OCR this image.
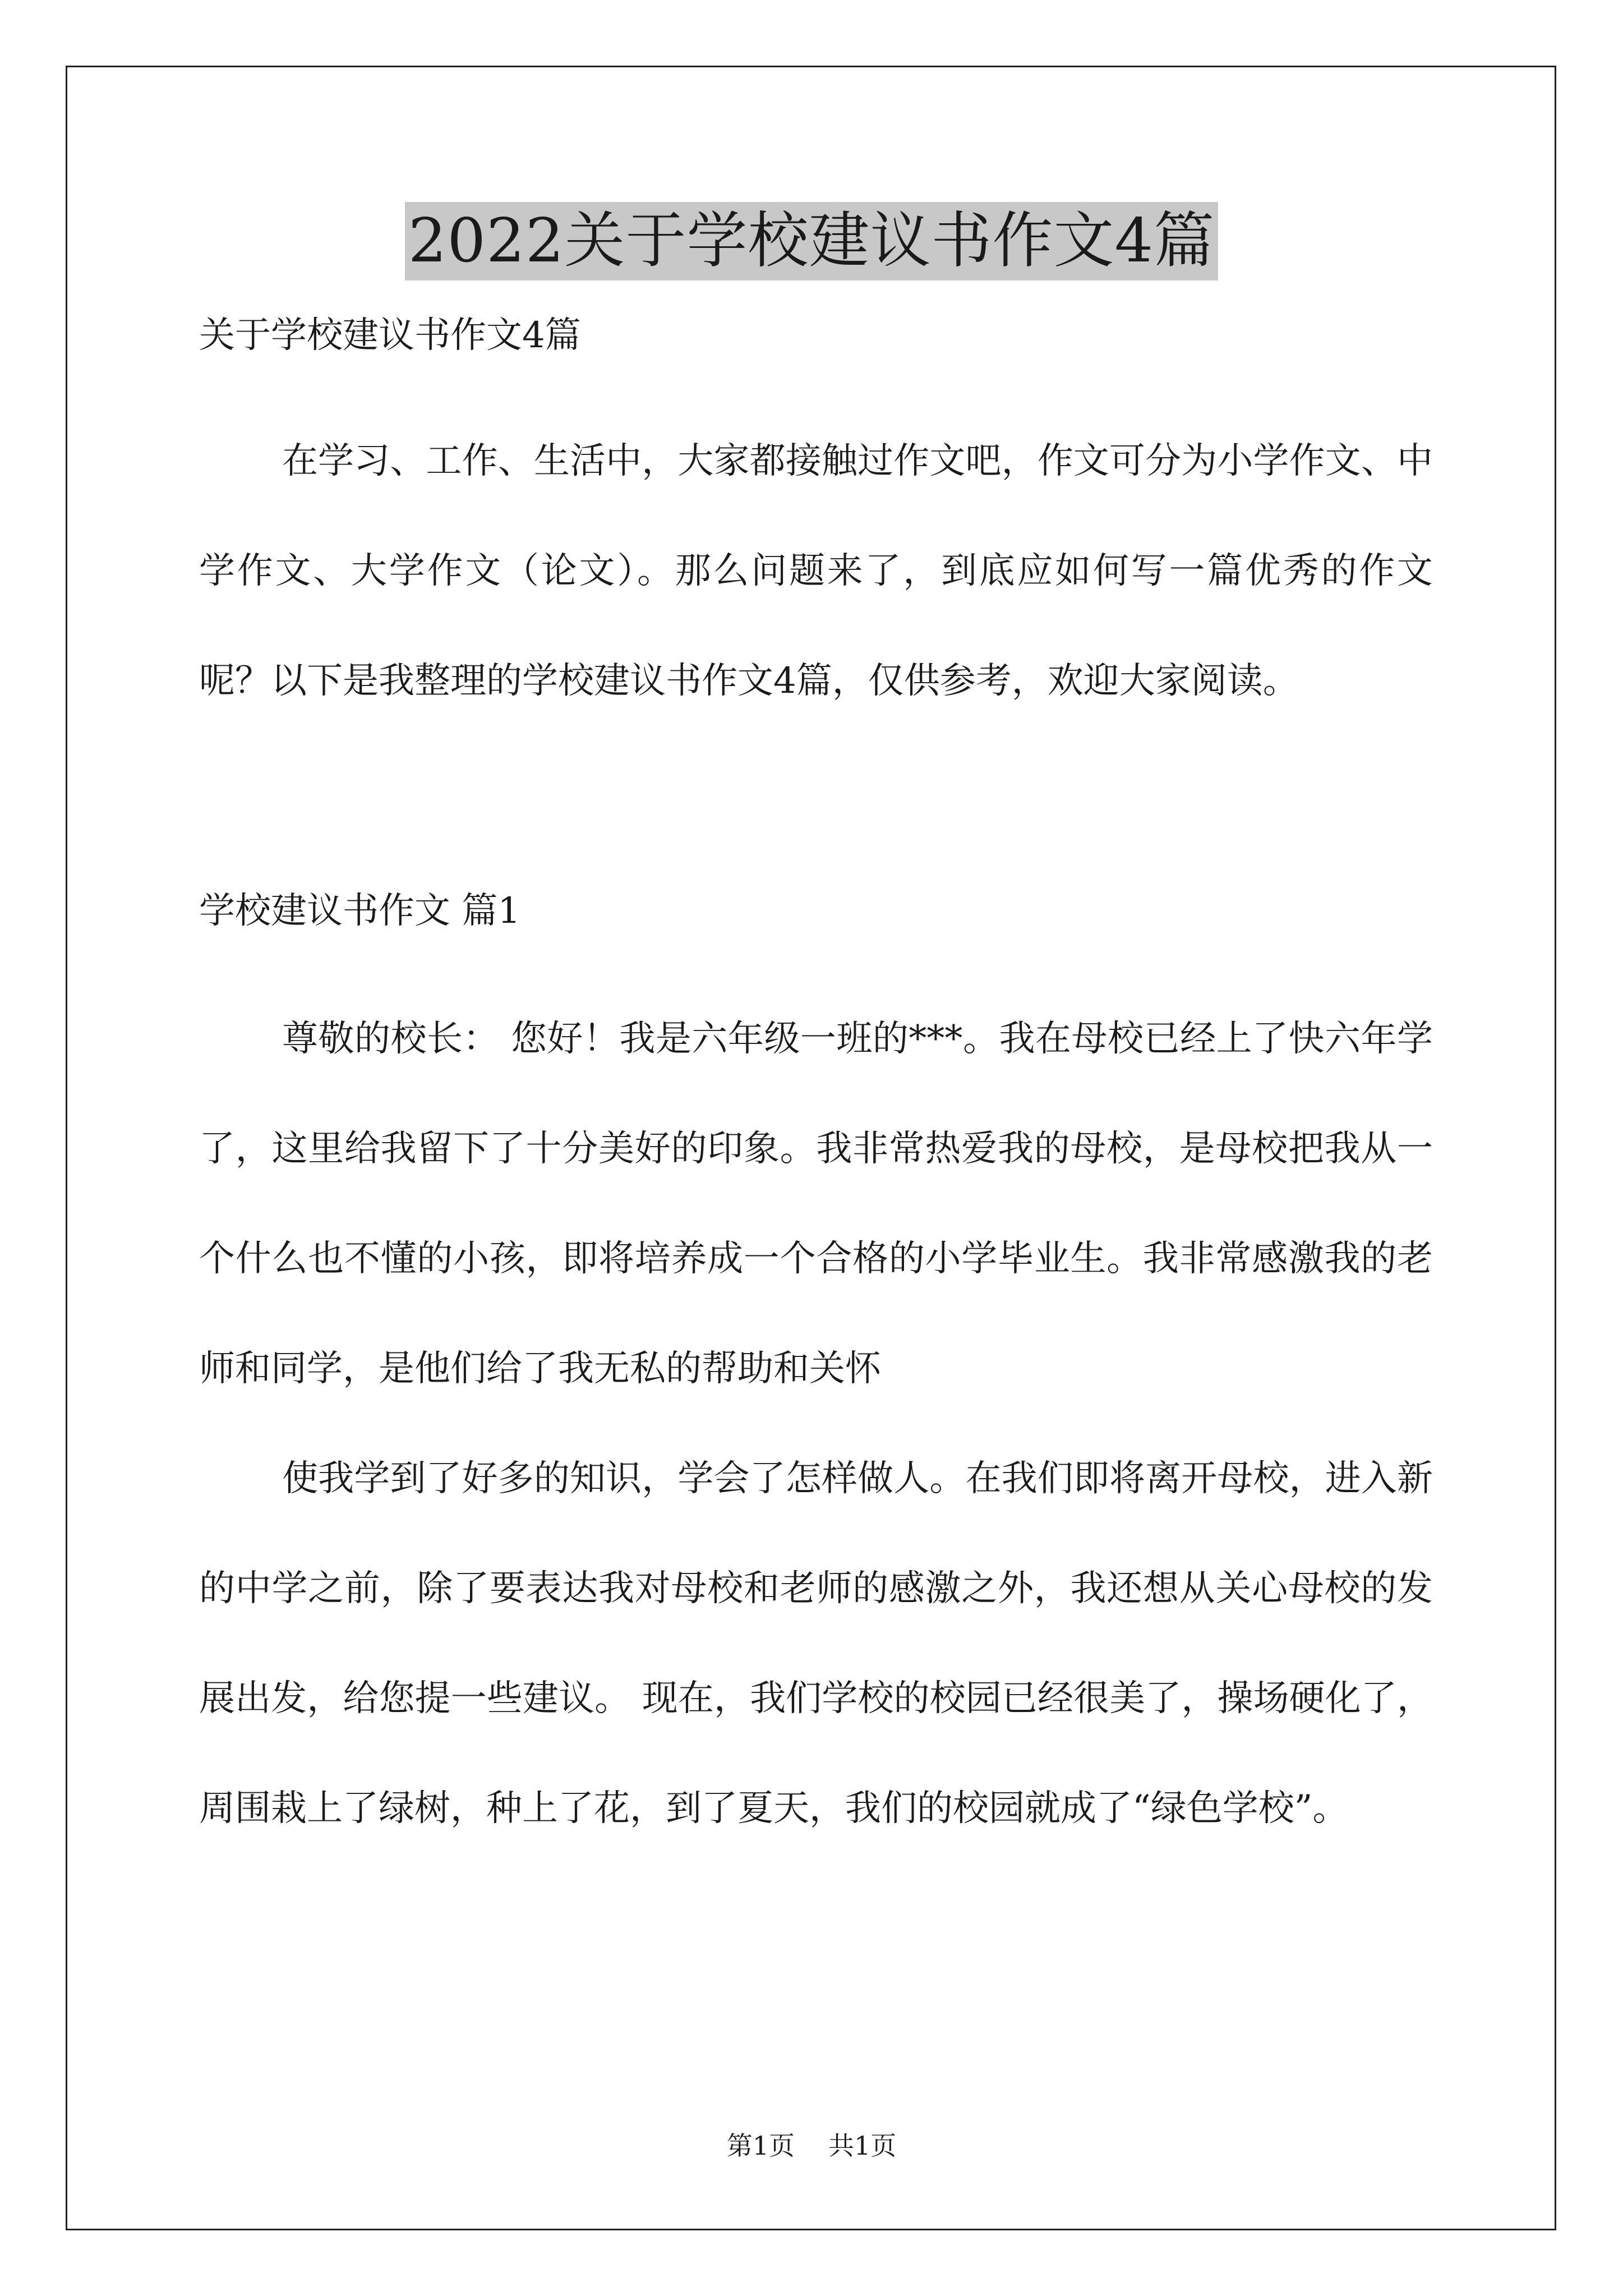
2022关于学校建议书作文4篇
关于学校建议书作文4篇

在学习、工作、生活中，大家都接触过作文吧，作文可分为小学作文、中学作文、大学作文（论文）。那么问题来了，到底应如何写一篇优秀的作文呢？以下是我整理的学校建议书作文4篇，仅供参考，欢迎大家阅读。

学校建议书作文 篇1

尊敬的校长： 您好！我是六年级一班的***。我在母校已经上了快六年学了，这里给我留下了十分美好的印象。我非常热爱我的母校，是母校把我从一个什么也不懂的小孩，即将培养成一个合格的小学毕业生。我非常感激我的老师和同学，是他们给了我无私的帮助和关怀

使我学到了好多的知识，学会了怎样做人。在我们即将离开母校，进入新的中学之前，除了要表达我对母校和老师的感激之外，我还想从关心母校的发展出发，给您提一些建议。 现在，我们学校的校园已经很美了，操场硬化了，周围栽上了绿树，种上了花，到了夏天，我们的校园就成了“绿色学校”。

第1页 共1页
